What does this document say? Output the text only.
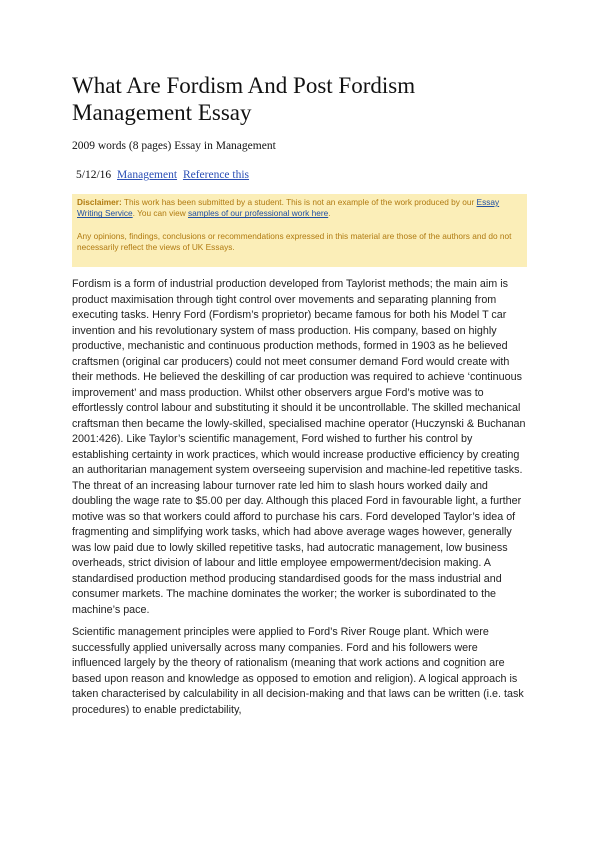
What Are Fordism And Post Fordism Management Essay
2009 words (8 pages) Essay in Management
5/12/16 Management Reference this

Disclaimer: This work has been submitted by a student. This is not an example of the work produced by our Essay Writing Service. You can view samples of our professional work here.

Any opinions, findings, conclusions or recommendations expressed in this material are those of the authors and do not necessarily reflect the views of UK Essays.

Fordism is a form of industrial production developed from Taylorist methods; the main aim is product maximisation through tight control over movements and separating planning from executing tasks. Henry Ford (Fordism’s proprietor) became famous for both his Model T car invention and his revolutionary system of mass production. His company, based on highly productive, mechanistic and continuous production methods, formed in 1903 as he believed craftsmen (original car producers) could not meet consumer demand Ford would create with their methods. He believed the deskilling of car production was required to achieve ‘continuous improvement’ and mass production. Whilst other observers argue Ford’s motive was to effortlessly control labour and substituting it should it be uncontrollable. The skilled mechanical craftsman then became the lowly-skilled, specialised machine operator (Huczynski & Buchanan 2001:426). Like Taylor’s scientific management, Ford wished to further his control by establishing certainty in work practices, which would increase productive efficiency by creating an authoritarian management system overseeing supervision and machine-led repetitive tasks. The threat of an increasing labour turnover rate led him to slash hours worked daily and doubling the wage rate to $5.00 per day. Although this placed Ford in favourable light, a further motive was so that workers could afford to purchase his cars. Ford developed Taylor’s idea of fragmenting and simplifying work tasks, which had above average wages however, generally was low paid due to lowly skilled repetitive tasks, had autocratic management, low business overheads, strict division of labour and little employee empowerment/decision making. A standardised production method producing standardised goods for the mass industrial and consumer markets. The machine dominates the worker; the worker is subordinated to the machine’s pace.

Scientific management principles were applied to Ford’s River Rouge plant. Which were successfully applied universally across many companies. Ford and his followers were influenced largely by the theory of rationalism (meaning that work actions and cognition are based upon reason and knowledge as opposed to emotion and religion). A logical approach is taken characterised by calculability in all decision-making and that laws can be written (i.e. task procedures) to enable predictability,
